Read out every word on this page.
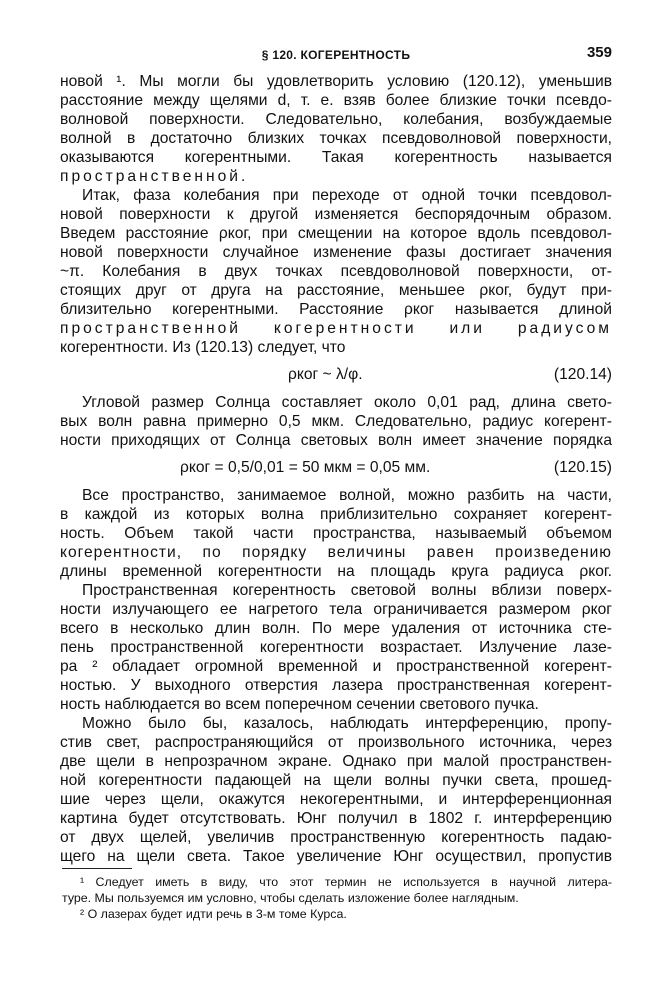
§ 120. КОГЕРЕНТНОСТЬ	359
новой ¹. Мы могли бы удовлетворить условию (120.12), уменьшив
расстояние между щелями d, т. е. взяв более близкие точки псевдо-
волновой поверхности. Следовательно, колебания, возбуждаемые
волной в достаточно близких точках псевдоволновой поверхности,
оказываются когерентными. Такая когерентность называется
пространственной.
Итак, фаза колебания при переходе от одной точки псевдовол-
новой поверхности к другой изменяется беспорядочным образом.
Введем расстояние ρког, при смещении на которое вдоль псевдовол-
новой поверхности случайное изменение фазы достигает значения
~π. Колебания в двух точках псевдоволновой поверхности, от-
стоящих друг от друга на расстояние, меньшее ρког, будут при-
близительно когерентными. Расстояние ρког называется длиной
пространственной когерентности или радиусом
когерентности. Из (120.13) следует, что
ρког ~ λ/φ.	(120.14)
Угловой размер Солнца составляет около 0,01 рад, длина свето-
вых волн равна примерно 0,5 мкм. Следовательно, радиус когерент-
ности приходящих от Солнца световых волн имеет значение порядка
ρког = 0,5/0,01 = 50 мкм = 0,05 мм.	(120.15)
Все пространство, занимаемое волной, можно разбить на части,
в каждой из которых волна приблизительно сохраняет когерент-
ность. Объем такой части пространства, называемый объемом
когерентности, по порядку величины равен произведению
длины временной когерентности на площадь круга радиуса ρког.
Пространственная когерентность световой волны вблизи поверх-
ности излучающего ее нагретого тела ограничивается размером ρког
всего в несколько длин волн. По мере удаления от источника сте-
пень пространственной когерентности возрастает. Излучение лазе-
ра ² обладает огромной временной и пространственной когерент-
ностью. У выходного отверстия лазера пространственная когерент-
ность наблюдается во всем поперечном сечении светового пучка.
Можно было бы, казалось, наблюдать интерференцию, пропу-
стив свет, распространяющийся от произвольного источника, через
две щели в непрозрачном экране. Однако при малой пространствен-
ной когерентности падающей на щели волны пучки света, прошед-
шие через щели, окажутся некогерентными, и интерференционная
картина будет отсутствовать. Юнг получил в 1802 г. интерференцию
от двух щелей, увеличив пространственную когерентность падаю-
щего на щели света. Такое увеличение Юнг осуществил, пропустив
¹ Следует иметь в виду, что этот термин не используется в научной литера-
туре. Мы пользуемся им условно, чтобы сделать изложение более наглядным.
² О лазерах будет идти речь в 3-м томе Курса.
